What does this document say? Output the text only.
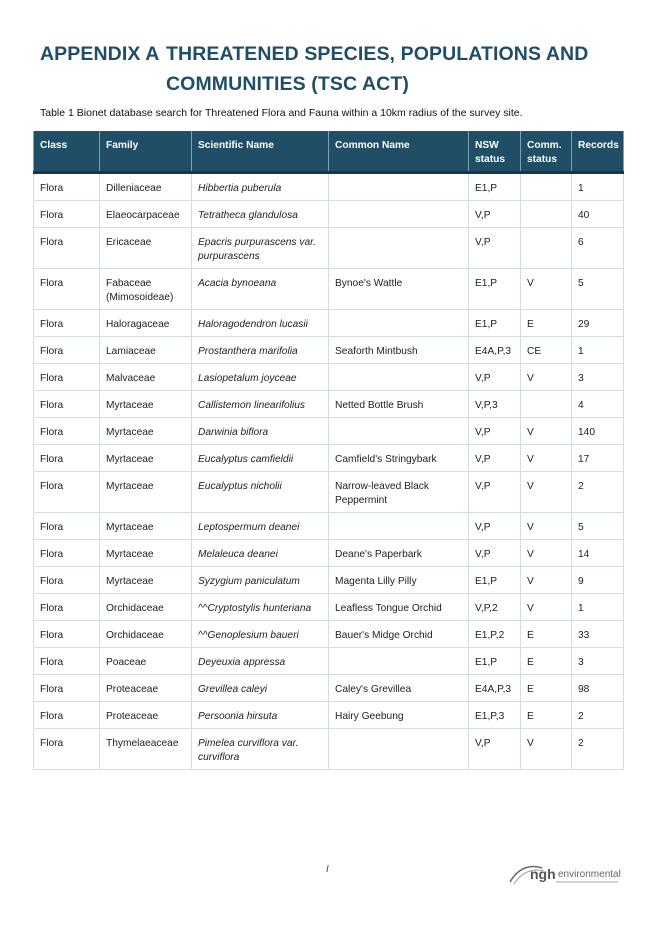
APPENDIX A THREATENED SPECIES, POPULATIONS AND
COMMUNITIES (TSC ACT)
Table 1 Bionet database search for Threatened Flora and Fauna within a 10km radius of the survey site.
Class	Family	Scientific Name	Common Name	NSW status	Comm. status	Records
Flora	Dilleniaceae	Hibbertia puberula		E1,P		1
Flora	Elaeocarpaceae	Tetratheca glandulosa		V,P		40
Flora	Ericaceae	Epacris purpurascens var. purpurascens		V,P		6
Flora	Fabaceae (Mimosoideae)	Acacia bynoeana	Bynoe's Wattle	E1,P	V	5
Flora	Haloragaceae	Haloragodendron lucasii		E1,P	E	29
Flora	Lamiaceae	Prostanthera marifolia	Seaforth Mintbush	E4A,P,3	CE	1
Flora	Malvaceae	Lasiopetalum joyceae		V,P	V	3
Flora	Myrtaceae	Callistemon linearifolius	Netted Bottle Brush	V,P,3		4
Flora	Myrtaceae	Darwinia biflora		V,P	V	140
Flora	Myrtaceae	Eucalyptus camfieldii	Camfield's Stringybark	V,P	V	17
Flora	Myrtaceae	Eucalyptus nicholii	Narrow-leaved Black Peppermint	V,P	V	2
Flora	Myrtaceae	Leptospermum deanei		V,P	V	5
Flora	Myrtaceae	Melaleuca deanei	Deane's Paperbark	V,P	V	14
Flora	Myrtaceae	Syzygium paniculatum	Magenta Lilly Pilly	E1,P	V	9
Flora	Orchidaceae	^^Cryptostylis hunteriana	Leafless Tongue Orchid	V,P,2	V	1
Flora	Orchidaceae	^^Genoplesium baueri	Bauer's Midge Orchid	E1,P,2	E	33
Flora	Poaceae	Deyeuxia appressa		E1,P	E	3
Flora	Proteaceae	Grevillea caleyi	Caley's Grevillea	E4A,P,3	E	98
Flora	Proteaceae	Persoonia hirsuta	Hairy Geebung	E1,P,3	E	2
Flora	Thymelaeaceae	Pimelea curviflora var. curviflora		V,P	V	2
I	ngh environmental
